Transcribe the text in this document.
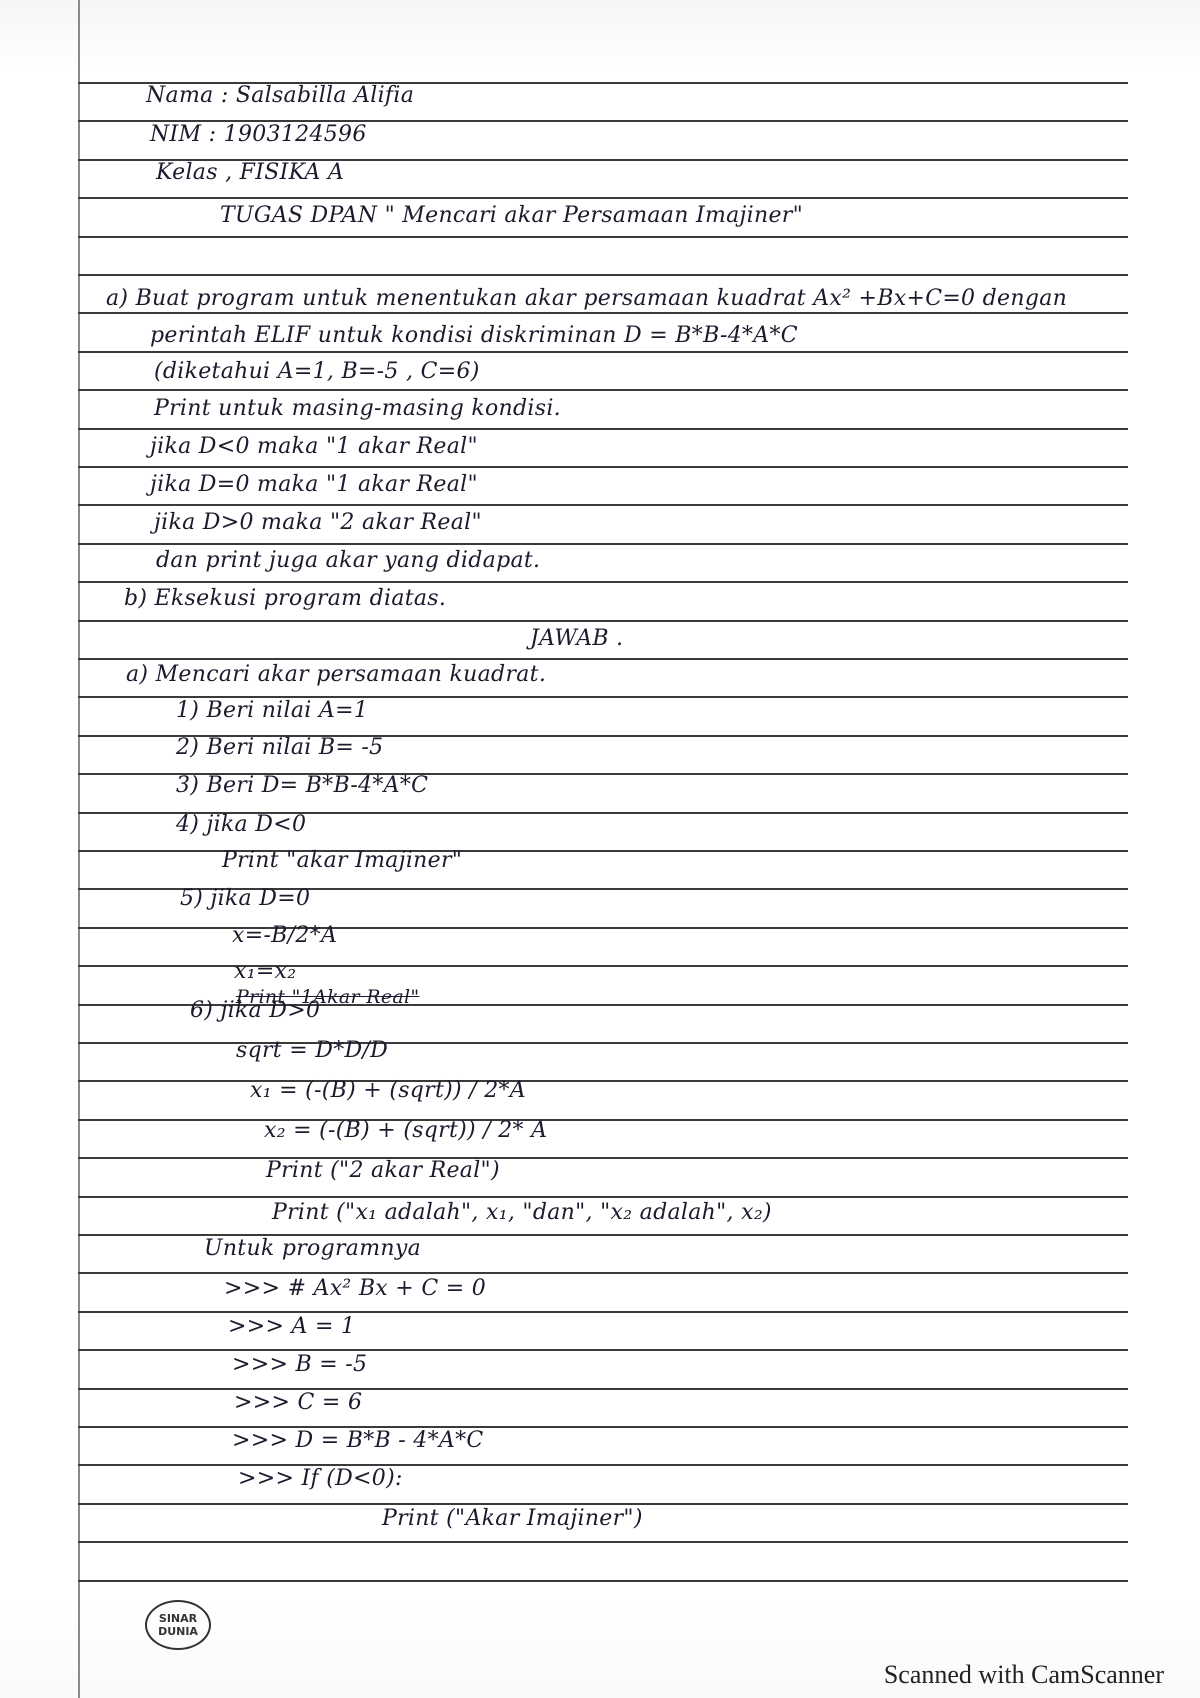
Nama : Salsabilla Alifia
NIM : 1903124596
Kelas , FISIKA A
TUGAS DPAN " Mencari akar Persamaan Imajiner"
a) Buat program untuk menentukan akar persamaan kuadrat Ax² +Bx+C=0 dengan
perintah ELIF untuk kondisi diskriminan D = B*B-4*A*C
(diketahui A=1, B=-5 , C=6)
Print untuk masing-masing kondisi.
jika D<0 maka "1 akar Real"
jika D=0 maka "1 akar Real"
jika D>0 maka "2 akar Real"
dan print juga akar yang didapat.
b) Eksekusi program diatas.
JAWAB .
a) Mencari akar persamaan kuadrat.
1) Beri nilai A=1
2) Beri nilai B= -5
3) Beri D= B*B-4*A*C
4) jika D<0
Print "akar Imajiner"
5) jika D=0
x=-B/2*A
x₁=x₂
6) jika D>0
sqrt = D*D/D
x₁ = (-(B) + (sqrt)) / 2*A
x₂ = (-(B) + (sqrt)) / 2* A
Print ("2 akar Real")
Print ("x₁ adalah", x₁, "dan", "x₂ adalah", x₂)
Untuk programnya
>>> # Ax² Bx + C = 0
>>> A = 1
>>> B = -5
>>> C = 6
>>> D = B*B - 4*A*C
>>> If (D<0):
Print ("Akar Imajiner")
Print "1Akar Real"
SINAR DUNIA
Scanned with CamScanner
